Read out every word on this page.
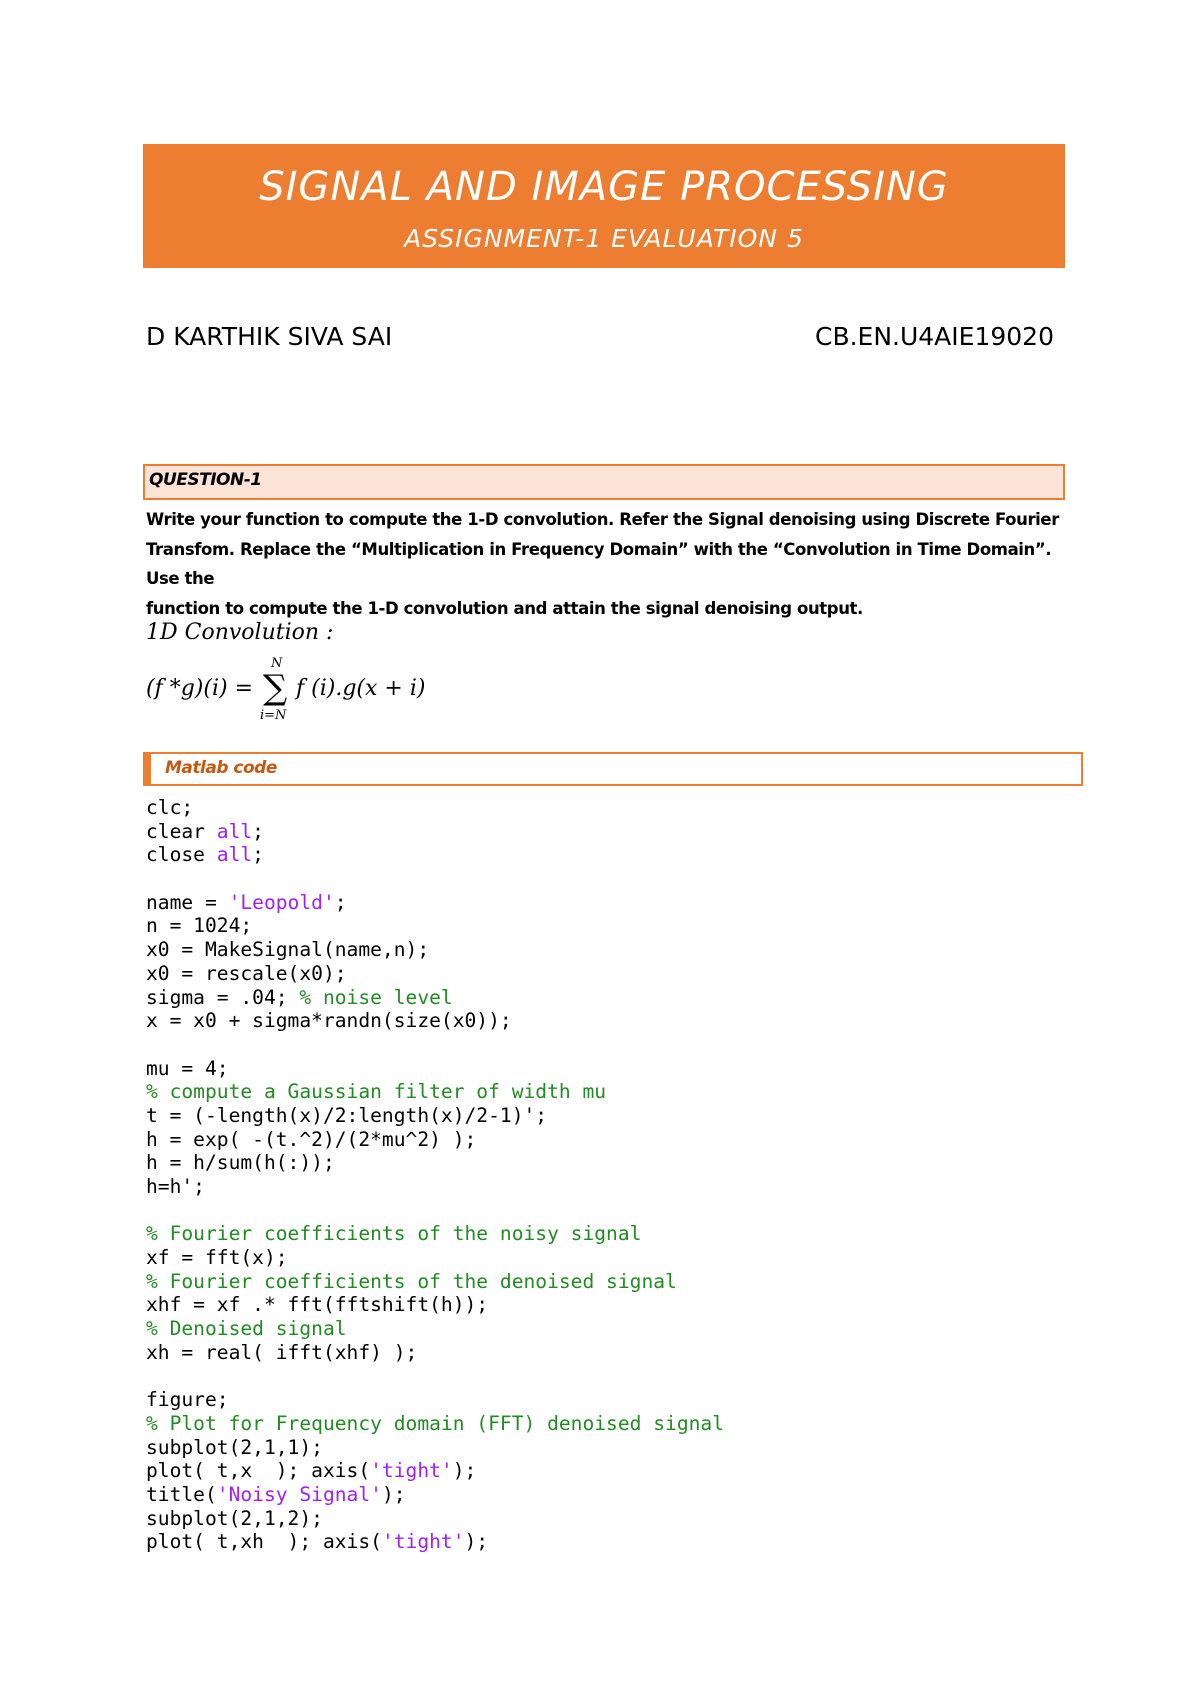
SIGNAL AND IMAGE PROCESSING
ASSIGNMENT-1 EVALUATION 5
D KARTHIK SIVA SAI	CB.EN.U4AIE19020
QUESTION-1
Write your function to compute the 1-D convolution. Refer the Signal denoising using Discrete Fourier
Transfom. Replace the “Multiplication in Frequency Domain” with the “Convolution in Time Domain”. Use the
function to compute the 1-D convolution and attain the signal denoising output.
1D Convolution :
(f *g)(i) =
N
∑
i=N
f (i).g(x + i)
Matlab code
clc;
clear all;
close all;
name = 'Leopold';
n = 1024;
x0 = MakeSignal(name,n);
x0 = rescale(x0);
sigma = .04; % noise level
x = x0 + sigma*randn(size(x0));
mu = 4;
% compute a Gaussian filter of width mu
t = (-length(x)/2:length(x)/2-1)';
h = exp( -(t.^2)/(2*mu^2) );
h = h/sum(h(:));
h=h';
% Fourier coefficients of the noisy signal
xf = fft(x);
% Fourier coefficients of the denoised signal
xhf = xf .* fft(fftshift(h));
% Denoised signal
xh = real( ifft(xhf) );
figure;
% Plot for Frequency domain (FFT) denoised signal
subplot(2,1,1);
plot( t,x  ); axis('tight');
title('Noisy Signal');
subplot(2,1,2);
plot( t,xh  ); axis('tight');
